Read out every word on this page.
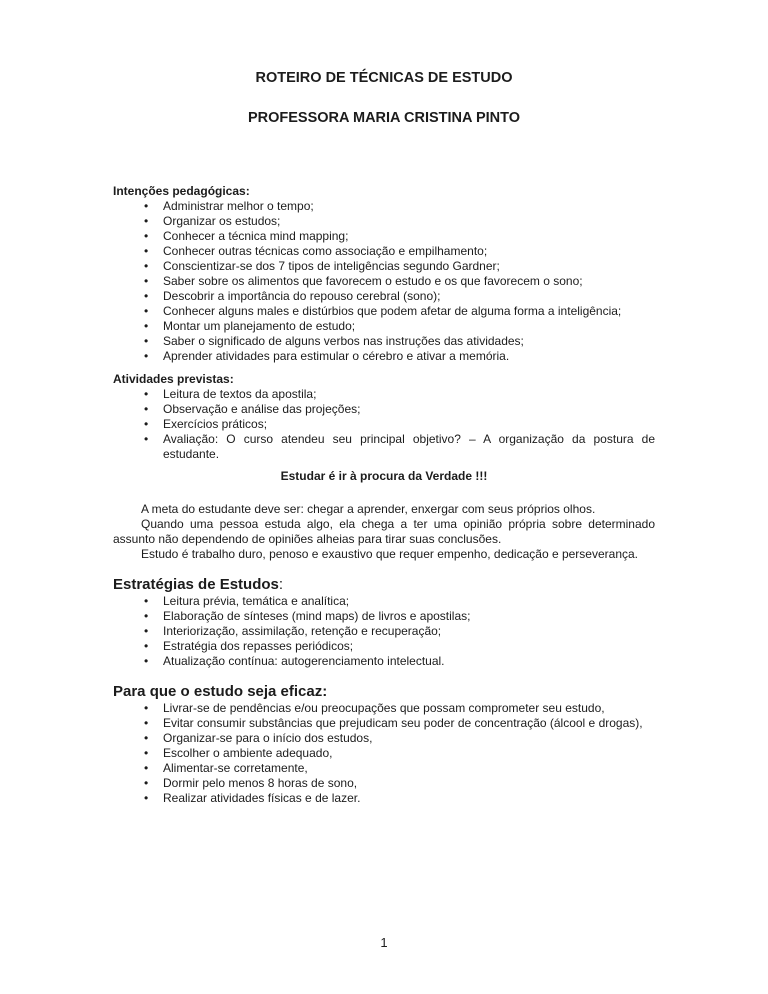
ROTEIRO DE TÉCNICAS DE ESTUDO
PROFESSORA MARIA CRISTINA PINTO

Intenções pedagógicas:

• Administrar melhor o tempo;
• Organizar os estudos;
• Conhecer a técnica mind mapping;
• Conhecer outras técnicas como associação e empilhamento;
• Conscientizar-se dos 7 tipos de inteligências segundo Gardner;
• Saber sobre os alimentos que favorecem o estudo e os que favorecem o sono;
• Descobrir a importância do repouso cerebral (sono);
• Conhecer alguns males e distúrbios que podem afetar de alguma forma a inteligência;
• Montar um planejamento de estudo;
• Saber o significado de alguns verbos nas instruções das atividades;
• Aprender atividades para estimular o cérebro e ativar a memória.

Atividades previstas:

• Leitura de textos da apostila;
• Observação e análise das projeções;
• Exercícios práticos;
• Avaliação: O curso atendeu seu principal objetivo? – A organização da postura de estudante.

Estudar é ir à procura da Verdade !!!

A meta do estudante deve ser: chegar a aprender, enxergar com seus próprios olhos.

Quando uma pessoa estuda algo, ela chega a ter uma opinião própria sobre determinado assunto não dependendo de opiniões alheias para tirar suas conclusões.

Estudo é trabalho duro, penoso e exaustivo que requer empenho, dedicação e perseverança.

Estratégias de Estudos:

• Leitura prévia, temática e analítica;
• Elaboração de sínteses (mind maps) de livros e apostilas;
• Interiorização, assimilação, retenção e recuperação;
• Estratégia dos repasses periódicos;
• Atualização contínua: autogerenciamento intelectual.

Para que o estudo seja eficaz:

• Livrar-se de pendências e/ou preocupações que possam comprometer seu estudo,
• Evitar consumir substâncias que prejudicam seu poder de concentração (álcool e drogas),
• Organizar-se para o início dos estudos,
• Escolher o ambiente adequado,
• Alimentar-se corretamente,
• Dormir pelo menos 8 horas de sono,
• Realizar atividades físicas e de lazer.
1
